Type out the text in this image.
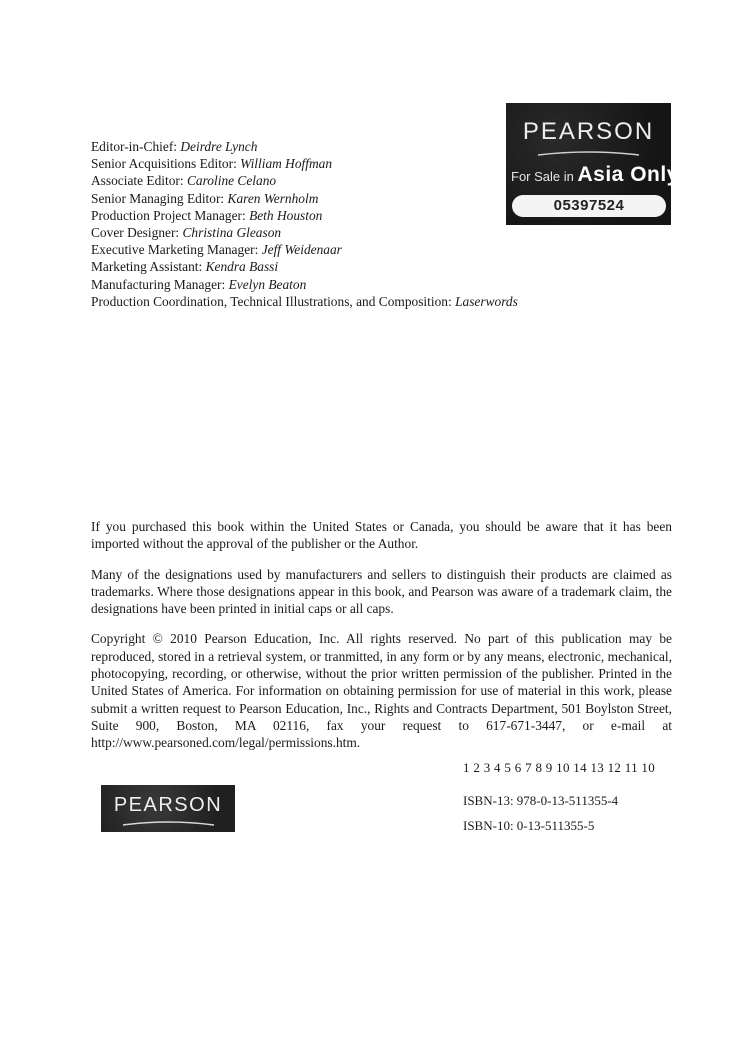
PEARSON
For Sale in Asia Only
05397524
Editor-in-Chief: Deirdre Lynch
Senior Acquisitions Editor: William Hoffman
Associate Editor: Caroline Celano
Senior Managing Editor: Karen Wernholm
Production Project Manager: Beth Houston
Cover Designer: Christina Gleason
Executive Marketing Manager: Jeff Weidenaar
Marketing Assistant: Kendra Bassi
Manufacturing Manager: Evelyn Beaton
Production Coordination, Technical Illustrations, and Composition: Laserwords

If you purchased this book within the United States or Canada, you should be aware that it has been imported without the approval of the publisher or the Author.

Many of the designations used by manufacturers and sellers to distinguish their products are claimed as trademarks. Where those designations appear in this book, and Pearson was aware of a trademark claim, the designations have been printed in initial caps or all caps.

Copyright © 2010 Pearson Education, Inc. All rights reserved. No part of this publication may be reproduced, stored in a retrieval system, or tranmitted, in any form or by any means, electronic, mechanical, photocopying, recording, or otherwise, without the prior written permission of the publisher. Printed in the United States of America. For information on obtaining permission for use of material in this work, please submit a written request to Pearson Education, Inc., Rights and Contracts Department, 501 Boylston Street, Suite 900, Boston, MA 02116, fax your request to 617-671-3447, or e-mail at http://www.pearsoned.com/legal/permissions.htm.

1 2 3 4 5 6 7 8 9 10 14 13 12 11 10
ISBN-13: 978-0-13-511355-4
ISBN-10: 0-13-511355-5
PEARSON
